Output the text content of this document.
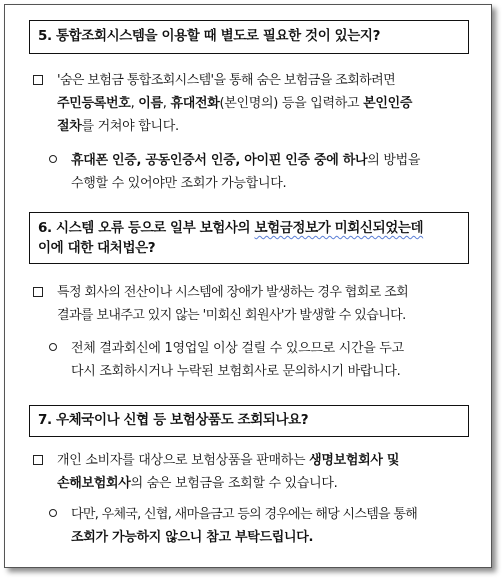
5. 통합조회시스템을 이용할 때 별도로 필요한 것이 있는지?
'숨은 보험금 통합조회시스템'을 통해 숨은 보험금을 조회하려면
주민등록번호, 이름, 휴대전화(본인명의) 등을 입력하고 본인인증
절차를 거쳐야 합니다.
휴대폰 인증, 공동인증서 인증, 아이핀 인증 중에 하나의 방법을
수행할 수 있어야만 조회가 가능합니다.
6. 시스템 오류 등으로 일부 보험사의 보험금정보가 미회신되었는데
이에 대한 대처법은?
특정 회사의 전산이나 시스템에 장애가 발생하는 경우 협회로 조회
결과를 보내주고 있지 않는 '미회신 회원사'가 발생할 수 있습니다.
전체 결과회신에 1영업일 이상 걸릴 수 있으므로 시간을 두고
다시 조회하시거나 누락된 보험회사로 문의하시기 바랍니다.
7. 우체국이나 신협 등 보험상품도 조회되나요?
개인 소비자를 대상으로 보험상품을 판매하는 생명보험회사 및
손해보험회사의 숨은 보험금을 조회할 수 있습니다.
다만, 우체국, 신협, 새마을금고 등의 경우에는 해당 시스템을 통해
조회가 가능하지 않으니 참고 부탁드립니다.
